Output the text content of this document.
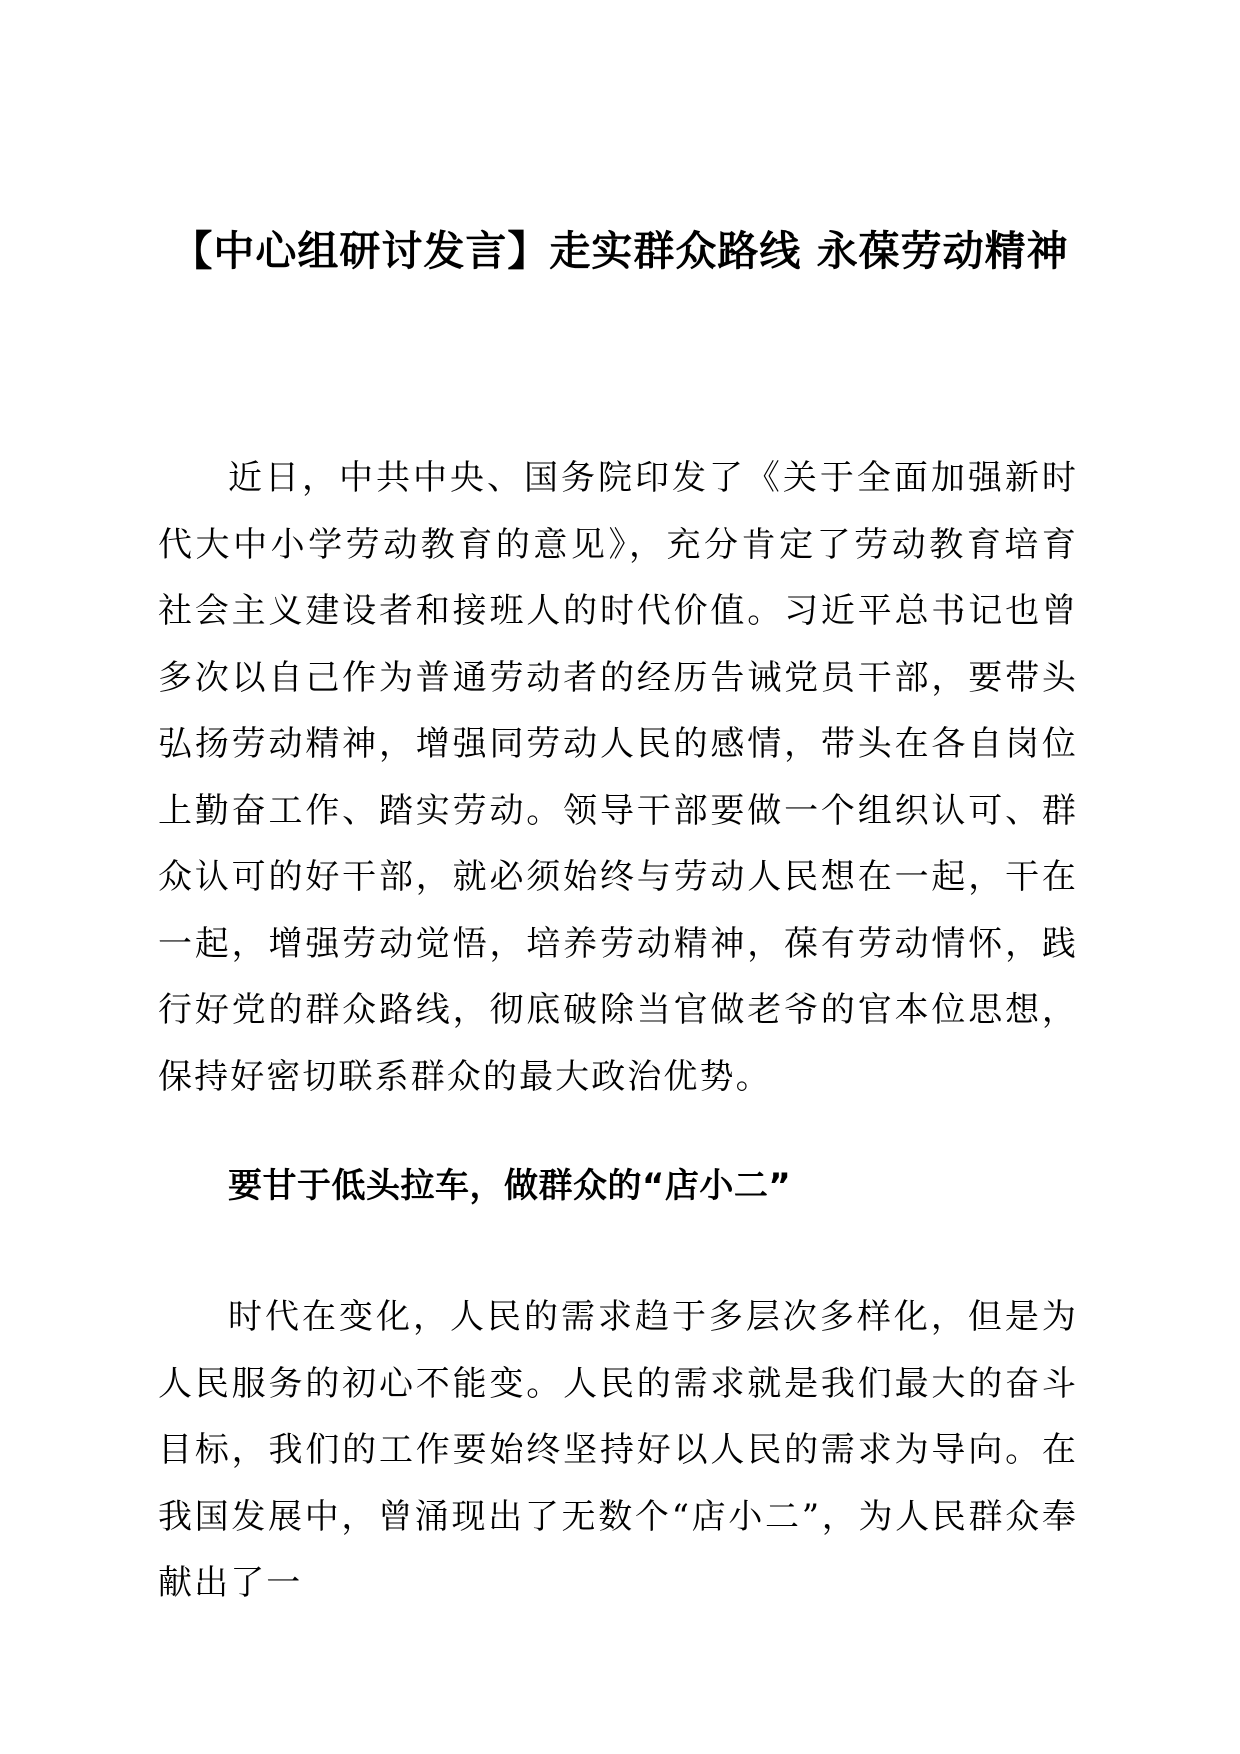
【中心组研讨发言】走实群众路线 永葆劳动精神

近日，中共中央、国务院印发了《关于全面加强新时代大中小学劳动教育的意见》，充分肯定了劳动教育培育社会主义建设者和接班人的时代价值。习近平总书记也曾多次以自己作为普通劳动者的经历告诫党员干部，要带头弘扬劳动精神，增强同劳动人民的感情，带头在各自岗位上勤奋工作、踏实劳动。领导干部要做一个组织认可、群众认可的好干部，就必须始终与劳动人民想在一起，干在一起，增强劳动觉悟，培养劳动精神，葆有劳动情怀，践行好党的群众路线，彻底破除当官做老爷的官本位思想，保持好密切联系群众的最大政治优势。

要甘于低头拉车，做群众的“店小二”

时代在变化，人民的需求趋于多层次多样化，但是为人民服务的初心不能变。人民的需求就是我们最大的奋斗目标，我们的工作要始终坚持好以人民的需求为导向。在我国发展中，曾涌现出了无数个“店小二”，为人民群众奉献出了一
